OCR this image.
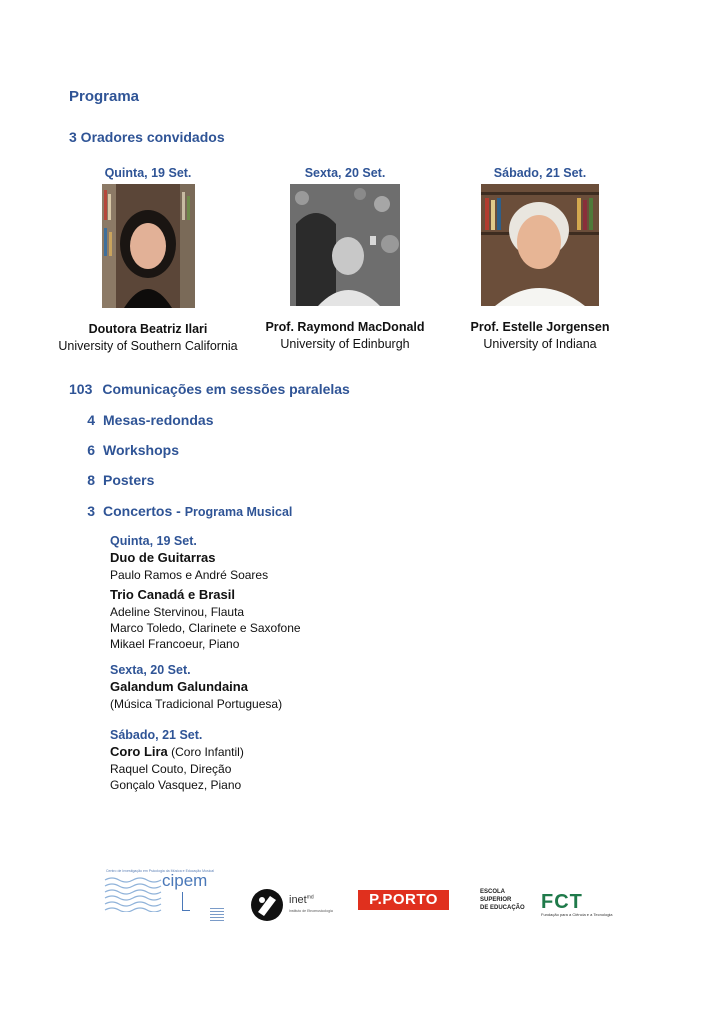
Programa
3 Oradores convidados
Quinta, 19 Set.
Doutora Beatriz Ilari
University of Southern California
Sexta, 20 Set.
Prof. Raymond MacDonald
University of Edinburgh
Sábado, 21 Set.
Prof. Estelle Jorgensen
University of Indiana
103 Comunicações em sessões paralelas
4 Mesas-redondas
6 Workshops
8 Posters
3 Concertos - Programa Musical
Quinta, 19 Set.
Duo de Guitarras
Paulo Ramos e André Soares
Trio Canadá e Brasil
Adeline Stervinou, Flauta
Marco Toledo, Clarinete e Saxofone
Mikael Francoeur, Piano
Sexta, 20 Set.
Galandum Galundaina
(Música Tradicional Portuguesa)
Sábado, 21 Set.
Coro Lira (Coro Infantil)
Raquel Couto, Direção
Gonçalo Vasquez, Piano
Centro de Investigação em Psicologia da Música e Educação Musical
cipem
inet$^{md}$
Instituto de Etnomusicologia
P.PORTO	ESCOLA
SUPERIOR
DE EDUCAÇÃO FCT
Fundação para a Ciência e a Tecnologia
